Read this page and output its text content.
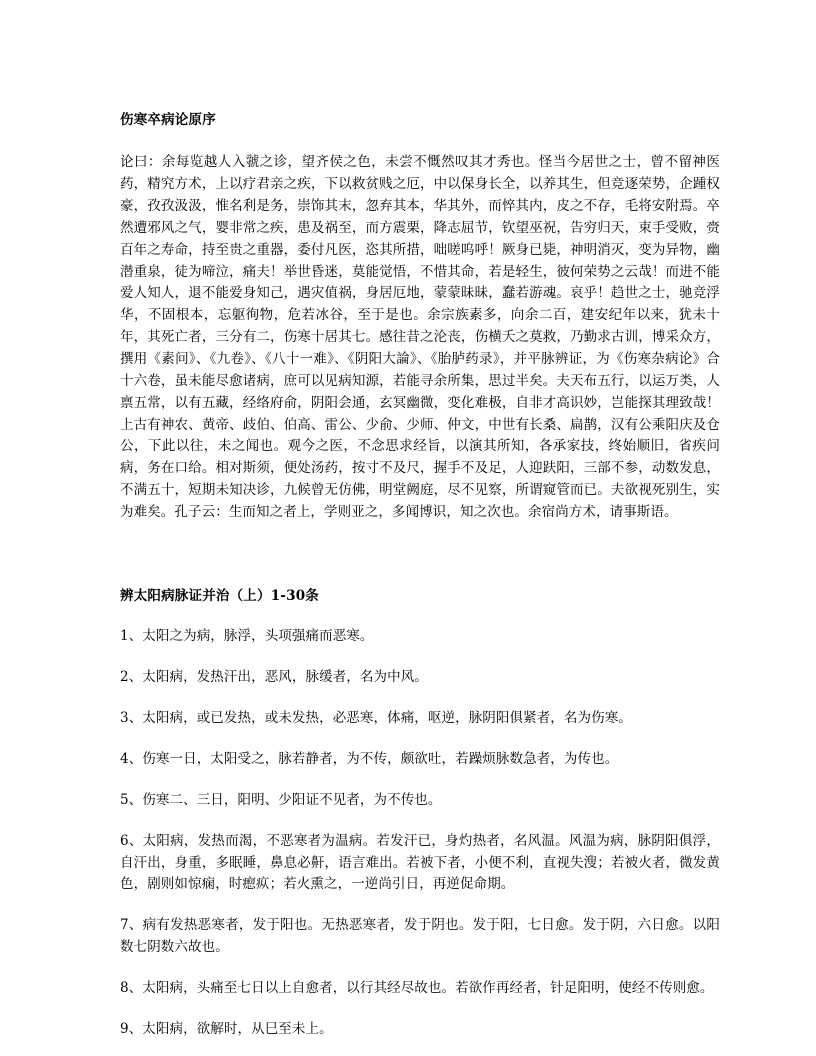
伤寒卒病论原序

论曰：余每览越人入虢之诊，望齐侯之色，未尝不慨然叹其才秀也。怪当今居世之士，曾不留神医药，精究方术，上以疗君亲之疾，下以救贫贱之厄，中以保身长全，以养其生，但竞逐荣势，企踵权豪，孜孜汲汲，惟名利是务，崇饰其末，忽弃其本，华其外，而悴其内，皮之不存，毛将安附焉。卒然遭邪风之气，婴非常之疾，患及祸至，而方震栗，降志屈节，钦望巫祝，告穷归天，束手受败，赍百年之寿命，持至贵之重器，委付凡医，恣其所措，咄嗟呜呼！厥身已毙，神明消灭，变为异物，幽潜重泉，徒为啼泣，痛夫！举世昏迷，莫能觉悟，不惜其命，若是轻生，彼何荣势之云哉！而进不能爱人知人，退不能爱身知己，遇灾值祸，身居厄地，蒙蒙昧昧，蠢若游魂。哀乎！趋世之士，驰竞浮华，不固根本，忘躯徇物，危若冰谷，至于是也。余宗族素多，向余二百，建安纪年以来，犹未十年，其死亡者，三分有二，伤寒十居其七。感往昔之沦丧，伤横夭之莫救，乃勤求古训，博采众方，撰用《素问》、《九卷》、《八十一难》、《阴阳大論》、《胎胪药录》，并平脉辨证，为《伤寒杂病论》合十六卷，虽未能尽愈诸病，庶可以见病知源，若能寻余所集，思过半矣。夫天布五行，以运万类，人禀五常，以有五藏，经络府俞，阴阳会通，玄冥幽微，变化难极，自非才高识妙，岂能探其理致哉！上古有神农、黄帝、歧伯、伯高、雷公、少俞、少师、仲文，中世有长桑、扁鹊，汉有公乘阳庆及仓公，下此以往，未之闻也。观今之医，不念思求经旨，以演其所知，各承家技，终始顺旧，省疾问病，务在口给。相对斯须，便处汤药，按寸不及尺，握手不及足，人迎趺阳，三部不参，动数发息，不满五十，短期未知决诊，九候曾无仿佛，明堂阙庭，尽不见察，所谓窥管而已。夫欲视死别生，实为难矣。孔子云：生而知之者上，学则亚之，多闻博识，知之次也。余宿尚方术，请事斯语。

辨太阳病脉证并治（上）1-30条

1、太阳之为病，脉浮，头项强痛而恶寒。

2、太阳病，发热汗出，恶风，脉缓者，名为中风。

3、太阳病，或已发热，或未发热，必恶寒，体痛，呕逆，脉阴阳俱紧者，名为伤寒。

4、伤寒一日，太阳受之，脉若静者，为不传，颇欲吐，若躁烦脉数急者，为传也。

5、伤寒二、三日，阳明、少阳证不见者，为不传也。

6、太阳病，发热而渴，不恶寒者为温病。若发汗已，身灼热者，名风温。风温为病，脉阴阳俱浮，自汗出，身重，多眠睡，鼻息必鼾，语言难出。若被下者，小便不利，直视失溲；若被火者，微发黄色，剧则如惊痫，时瘛疭；若火熏之，一逆尚引日，再逆促命期。

7、病有发热恶寒者，发于阳也。无热恶寒者，发于阴也。发于阳，七日愈。发于阴，六日愈。以阳数七阴数六故也。

8、太阳病，头痛至七日以上自愈者，以行其经尽故也。若欲作再经者，针足阳明，使经不传则愈。

9、太阳病，欲解时，从巳至未上。
